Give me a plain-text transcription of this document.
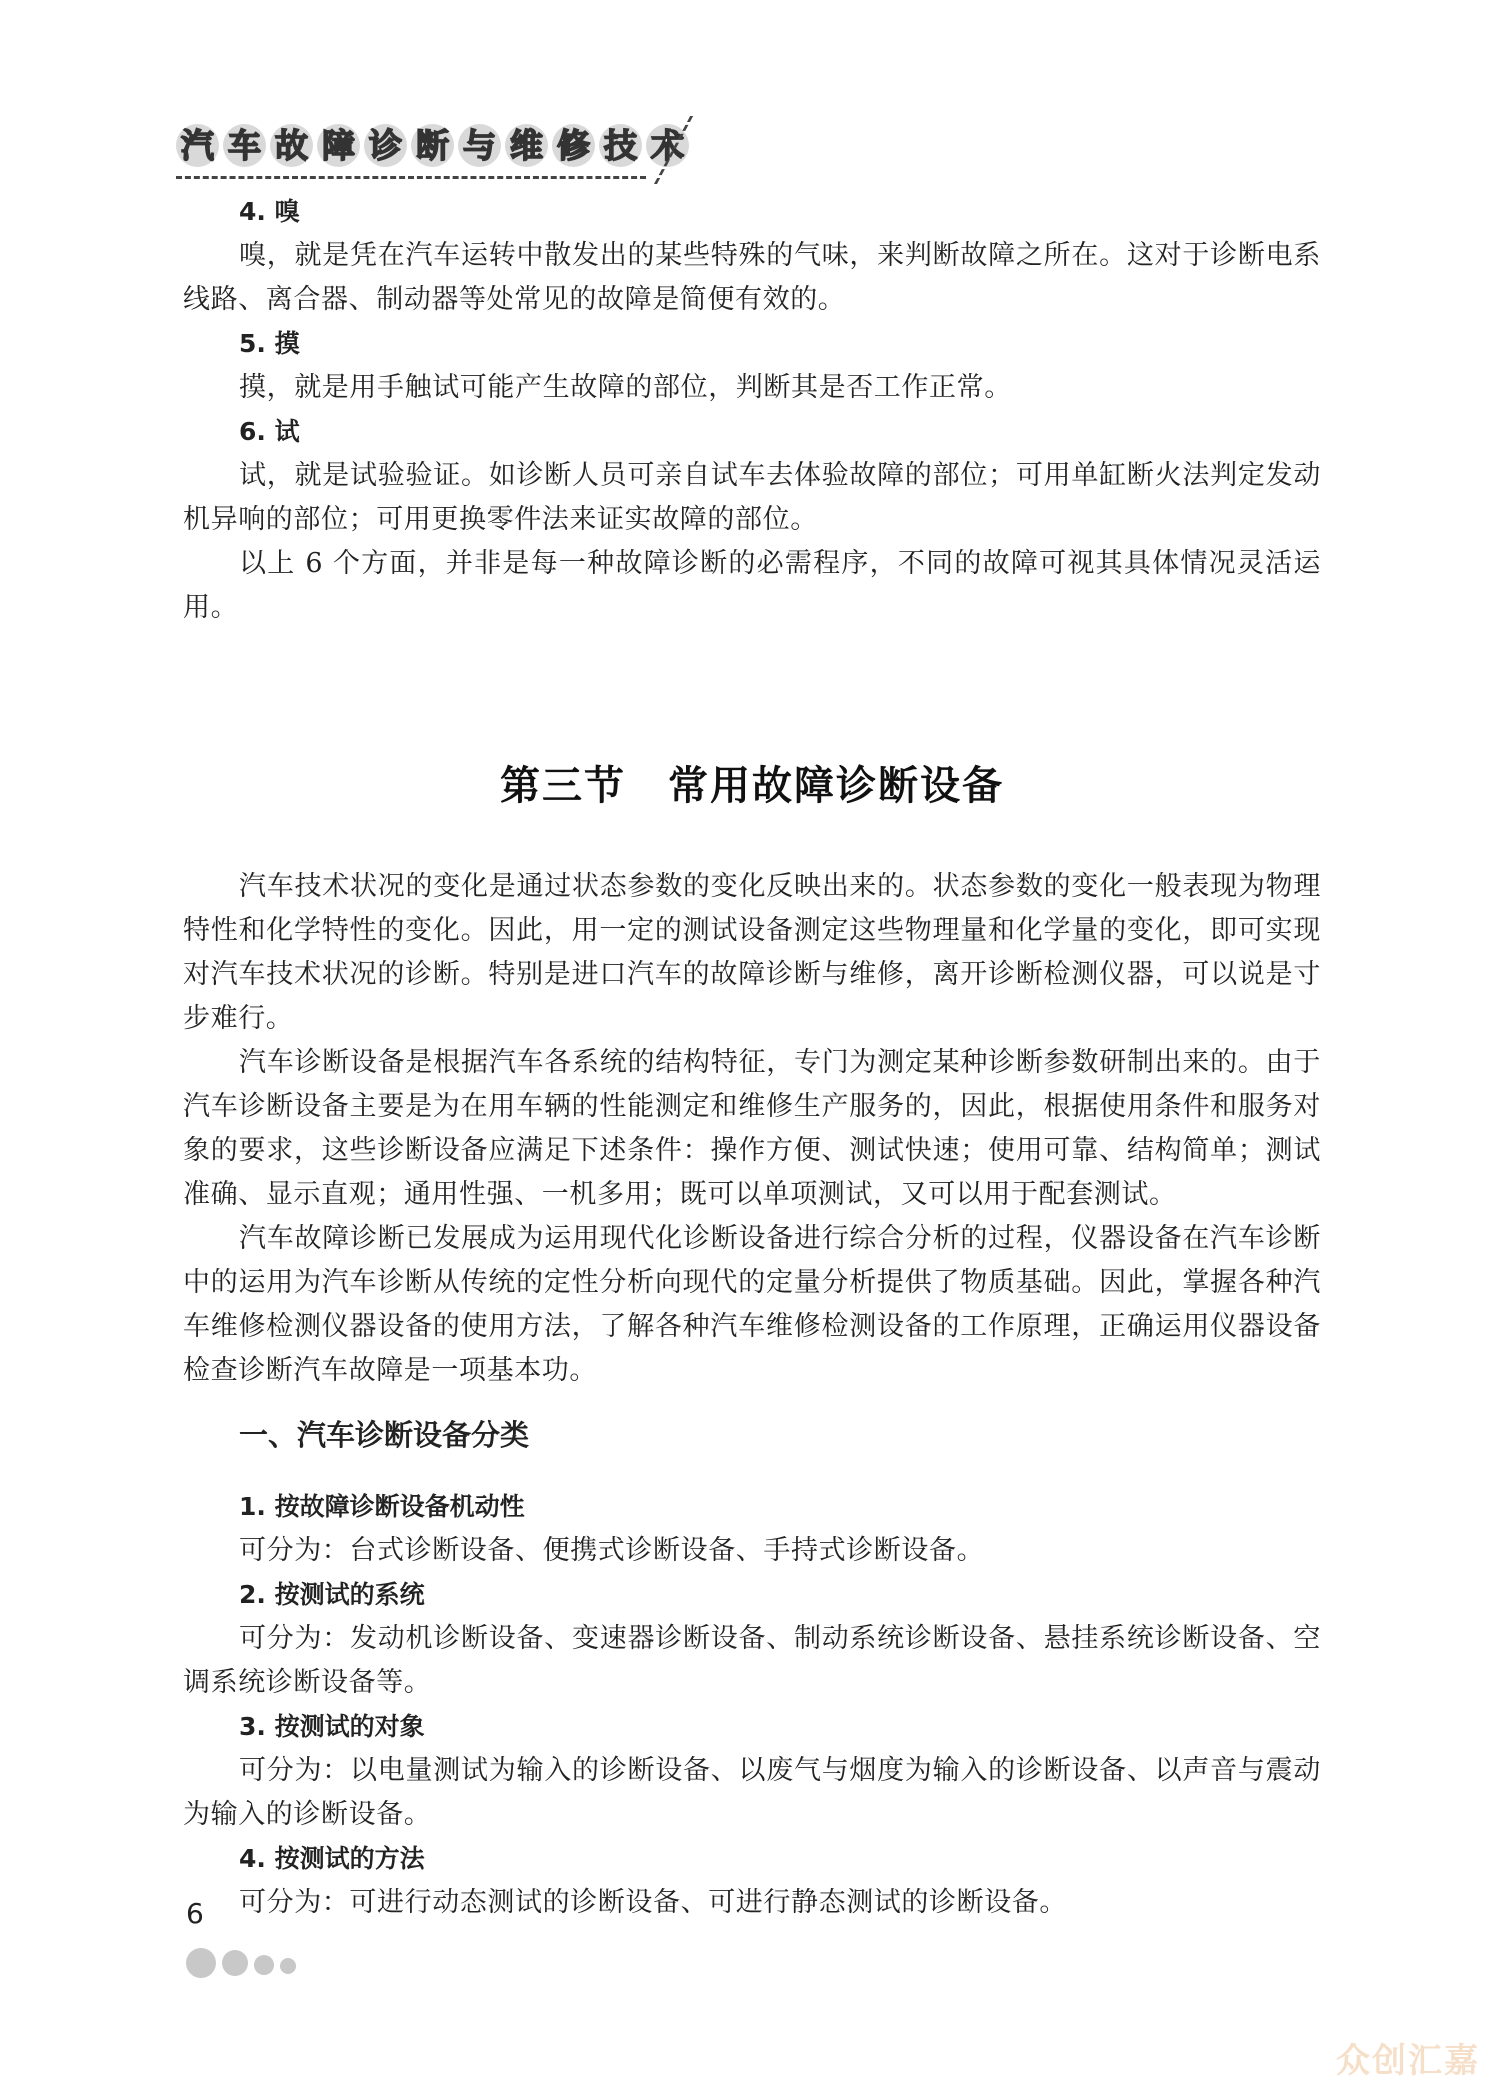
汽 车 故 障 诊 断 与 维 修 技 术

4. 嗅

嗅，就是凭在汽车运转中散发出的某些特殊的气味，来判断故障之所在。这对于诊断电系线路、离合器、制动器等处常见的故障是简便有效的。

5. 摸

摸，就是用手触试可能产生故障的部位，判断其是否工作正常。

6. 试

试，就是试验验证。如诊断人员可亲自试车去体验故障的部位；可用单缸断火法判定发动机异响的部位；可用更换零件法来证实故障的部位。

以上 6 个方面，并非是每一种故障诊断的必需程序，不同的故障可视其具体情况灵活运用。

第三节　常用故障诊断设备

汽车技术状况的变化是通过状态参数的变化反映出来的。状态参数的变化一般表现为物理特性和化学特性的变化。因此，用一定的测试设备测定这些物理量和化学量的变化，即可实现对汽车技术状况的诊断。特别是进口汽车的故障诊断与维修，离开诊断检测仪器，可以说是寸步难行。

汽车诊断设备是根据汽车各系统的结构特征，专门为测定某种诊断参数研制出来的。由于汽车诊断设备主要是为在用车辆的性能测定和维修生产服务的，因此，根据使用条件和服务对象的要求，这些诊断设备应满足下述条件：操作方便、测试快速；使用可靠、结构简单；测试准确、显示直观；通用性强、一机多用；既可以单项测试，又可以用于配套测试。

汽车故障诊断已发展成为运用现代化诊断设备进行综合分析的过程，仪器设备在汽车诊断中的运用为汽车诊断从传统的定性分析向现代的定量分析提供了物质基础。因此，掌握各种汽车维修检测仪器设备的使用方法，了解各种汽车维修检测设备的工作原理，正确运用仪器设备检查诊断汽车故障是一项基本功。

一、汽车诊断设备分类

1. 按故障诊断设备机动性

可分为：台式诊断设备、便携式诊断设备、手持式诊断设备。

2. 按测试的系统

可分为：发动机诊断设备、变速器诊断设备、制动系统诊断设备、悬挂系统诊断设备、空调系统诊断设备等。

3. 按测试的对象

可分为：以电量测试为输入的诊断设备、以废气与烟度为输入的诊断设备、以声音与震动为输入的诊断设备。

4. 按测试的方法

可分为：可进行动态测试的诊断设备、可进行静态测试的诊断设备。

6
众创汇嘉
